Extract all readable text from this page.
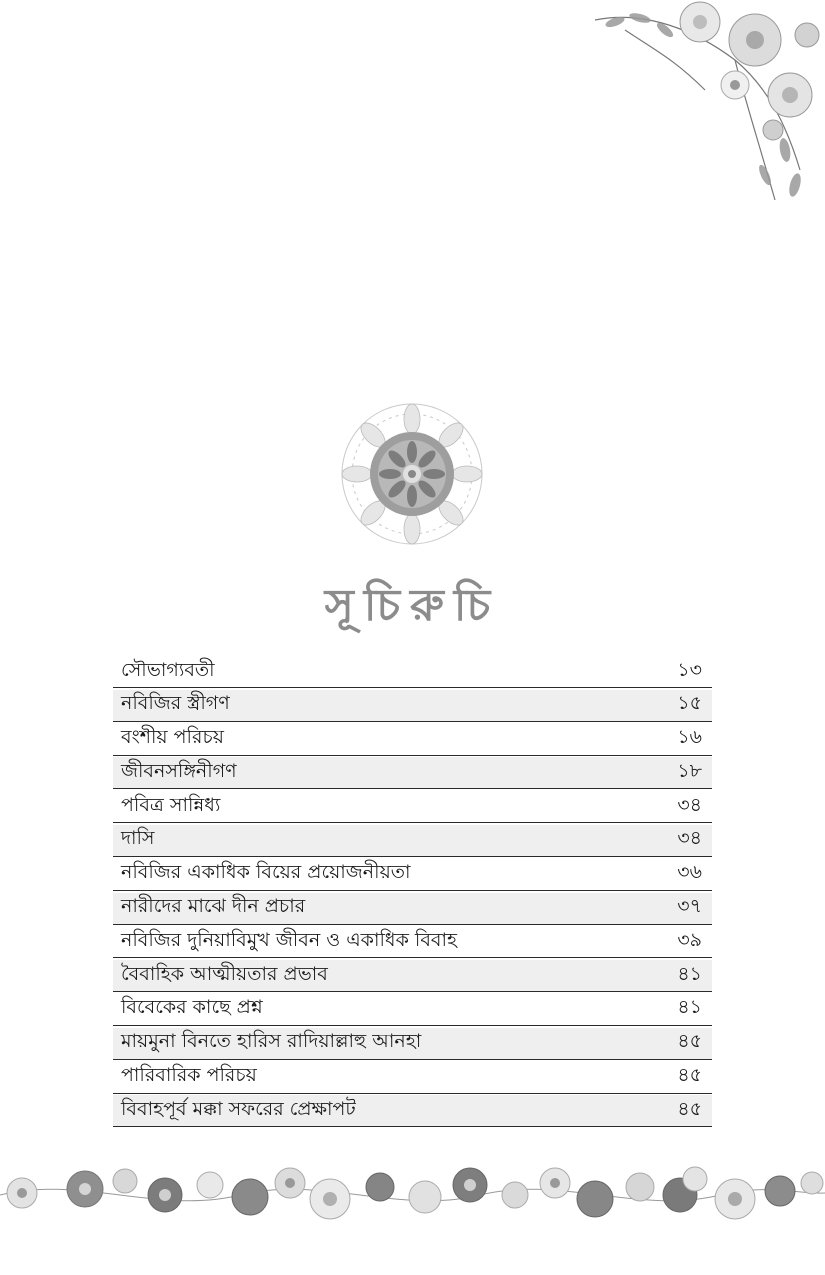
সূচিরুচি
সৌভাগ্যবতী	১৩
নবিজির স্ত্রীগণ	১৫
বংশীয় পরিচয়	১৬
জীবনসঙ্গিনীগণ	১৮
পবিত্র সান্নিধ্য	৩৪
দাসি	৩৪
নবিজির একাধিক বিয়ের প্রয়োজনীয়তা	৩৬
নারীদের মাঝে দীন প্রচার	৩৭
নবিজির দুনিয়াবিমুখ জীবন ও একাধিক বিবাহ	৩৯
বৈবাহিক আত্মীয়তার প্রভাব	৪১
বিবেকের কাছে প্রশ্ন	৪১
মায়মুনা বিনতে হারিস রাদিয়াল্লাহু আনহা	৪৫
পারিবারিক পরিচয়	৪৫
বিবাহপূর্ব মক্কা সফরের প্রেক্ষাপট	৪৫
